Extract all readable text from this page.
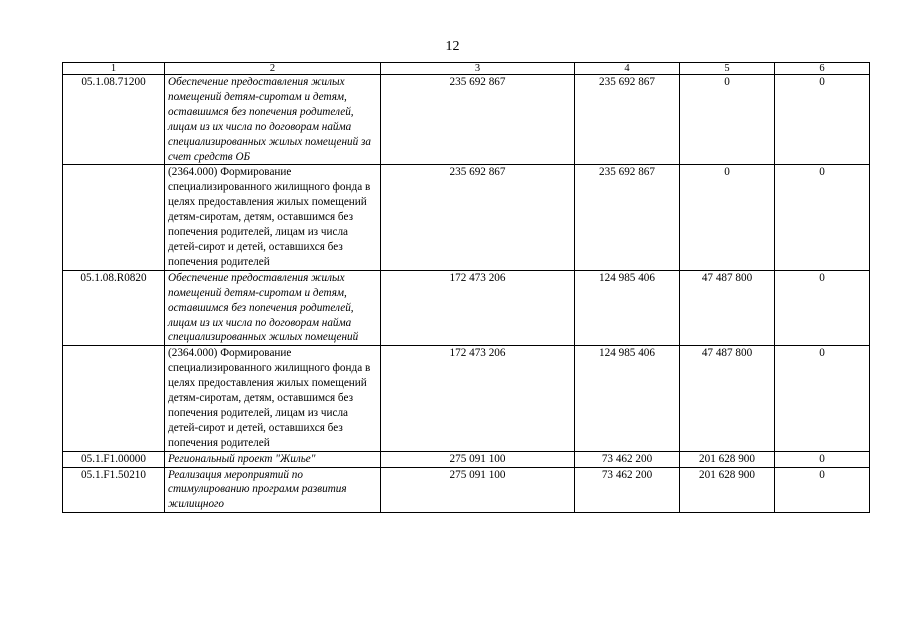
12
1	2	3	4	5	6
05.1.08.71200	Обеспечение предоставления жилых помещений детям-сиротам и детям, оставшимся без попечения родителей, лицам из их числа по договорам найма специализированных жилых помещений за счет средств ОБ	235 692 867	235 692 867	0	0
	(2364.000) Формирование специализированного жилищного фонда в целях предоставления жилых помещений детям-сиротам, детям, оставшимся без попечения родителей, лицам из числа детей-сирот и детей, оставшихся без попечения родителей	235 692 867	235 692 867	0	0
05.1.08.R0820	Обеспечение предоставления жилых помещений детям-сиротам и детям, оставшимся без попечения родителей, лицам из их числа по договорам найма специализированных жилых помещений	172 473 206	124 985 406	47 487 800	0
	(2364.000) Формирование специализированного жилищного фонда в целях предоставления жилых помещений детям-сиротам, детям, оставшимся без попечения родителей, лицам из числа детей-сирот и детей, оставшихся без попечения родителей	172 473 206	124 985 406	47 487 800	0
05.1.F1.00000	Региональный проект "Жилье"	275 091 100	73 462 200	201 628 900	0
05.1.F1.50210	Реализация мероприятий по стимулированию программ развития жилищного	275 091 100	73 462 200	201 628 900	0
